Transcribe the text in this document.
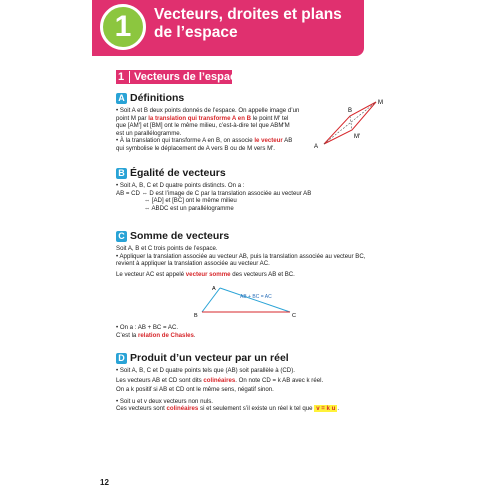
1	Vecteurs, droites et plans de l’espace
1 Vecteurs de l’espace
A Définitions
• Soit A et B deux points donnés de l’espace. On appelle image d’un
point M par la translation qui transforme A en B le point M′ tel
que [AM′] et [BM] ont le même milieu, c’est-à-dire tel que ABM′M
est un parallélogramme.
• À la translation qui transforme A en B, on associe le vecteur AB
qui symbolise le déplacement de A vers B ou de M vers M′.	A
B
M
M′
B Égalité de vecteurs
• Soit A, B, C et D quatre points distincts. On a :
AB = CD ⇔ D est l’image de C par la translation associée au vecteur AB
⇔ [AD] et [BC] ont le même milieu
⇔ ABDC est un parallélogramme
C Somme de vecteurs
Soit A, B et C trois points de l’espace.
• Appliquer la translation associée au vecteur AB, puis la translation associée au vecteur BC,
revient à appliquer la translation associée au vecteur AC.
Le vecteur AC est appelé vecteur somme des vecteurs AB et BC.
A
B	C
AB + BC = AC
• On a : AB + BC = AC.
C’est la relation de Chasles.
D Produit d’un vecteur par un réel
• Soit A, B, C et D quatre points tels que (AB) soit parallèle à (CD).
Les vecteurs AB et CD sont dits colinéaires. On note CD = k AB avec k réel.
On a k positif si AB et CD ont le même sens, négatif sinon.
• Soit u et v deux vecteurs non nuls.
Ces vecteurs sont colinéaires si et seulement s’il existe un réel k tel que v = k u .
12
